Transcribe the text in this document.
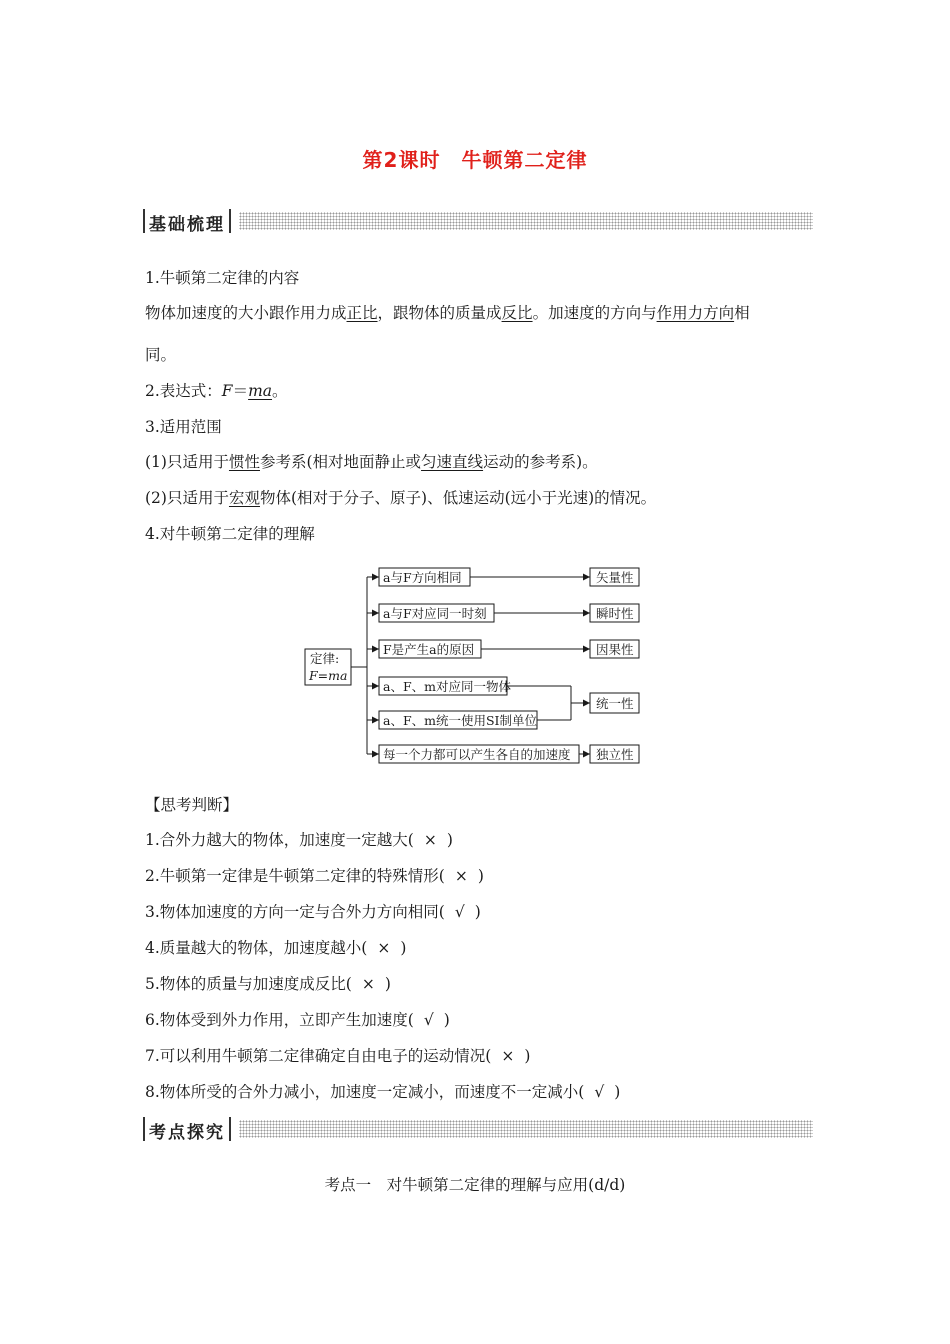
第2课时　牛顿第二定律
基础梳理
1.牛顿第二定律的内容
物体加速度的大小跟作用力成正比，跟物体的质量成反比。加速度的方向与作用力方向相
同。
2.表达式：F＝ma。
3.适用范围
(1)只适用于惯性参考系(相对地面静止或匀速直线运动的参考系)。
(2)只适用于宏观物体(相对于分子、原子)、低速运动(远小于光速)的情况。
4.对牛顿第二定律的理解
定律:
F=ma
a与F方向相同
a与F对应同一时刻
F是产生a的原因
a、F、m对应同一物体
a、F、m统一使用SI制单位
每一个力都可以产生各自的加速度
矢量性
瞬时性
因果性
统一性
独立性
【思考判断】
1.合外力越大的物体，加速度一定越大( × )
2.牛顿第一定律是牛顿第二定律的特殊情形( × )
3.物体加速度的方向一定与合外力方向相同( √ )
4.质量越大的物体，加速度越小( × )
5.物体的质量与加速度成反比( × )
6.物体受到外力作用，立即产生加速度( √ )
7.可以利用牛顿第二定律确定自由电子的运动情况( × )
8.物体所受的合外力减小，加速度一定减小，而速度不一定减小( √ )
考点探究
考点一　对牛顿第二定律的理解与应用(d/d)
